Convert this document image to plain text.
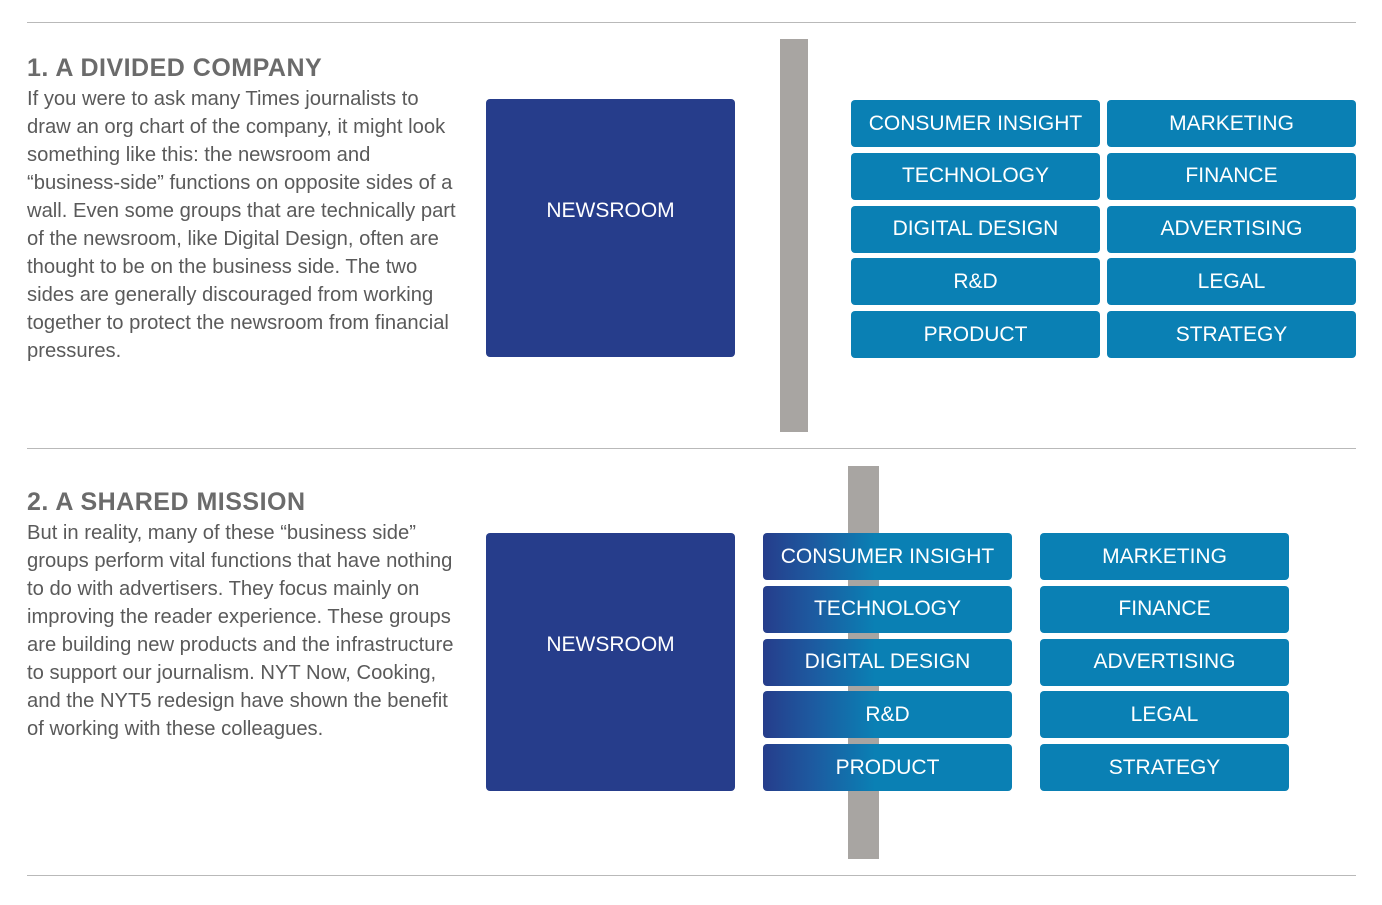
1. A DIVIDED COMPANY

If you were to ask many Times journalists to draw an org chart of the company, it might look something like this: the newsroom and “business-side” functions on opposite sides of a wall. Even some groups that are technically part of the newsroom, like Digital Design, often are thought to be on the business side. The two sides are generally discouraged from working together to protect the newsroom from financial pressures.

NEWSROOM
CONSUMER INSIGHT
TECHNOLOGY
DIGITAL DESIGN
R&D
PRODUCT
MARKETING
FINANCE
ADVERTISING
LEGAL
STRATEGY
2. A SHARED MISSION

But in reality, many of these “business side” groups perform vital functions that have nothing to do with advertisers. They focus mainly on improving the reader experience. These groups are building new products and the infrastructure to support our journalism. NYT Now, Cooking, and the NYT5 redesign have shown the benefit of working with these colleagues.

NEWSROOM
CONSUMER INSIGHT
TECHNOLOGY
DIGITAL DESIGN
R&D
PRODUCT
MARKETING
FINANCE
ADVERTISING
LEGAL
STRATEGY
